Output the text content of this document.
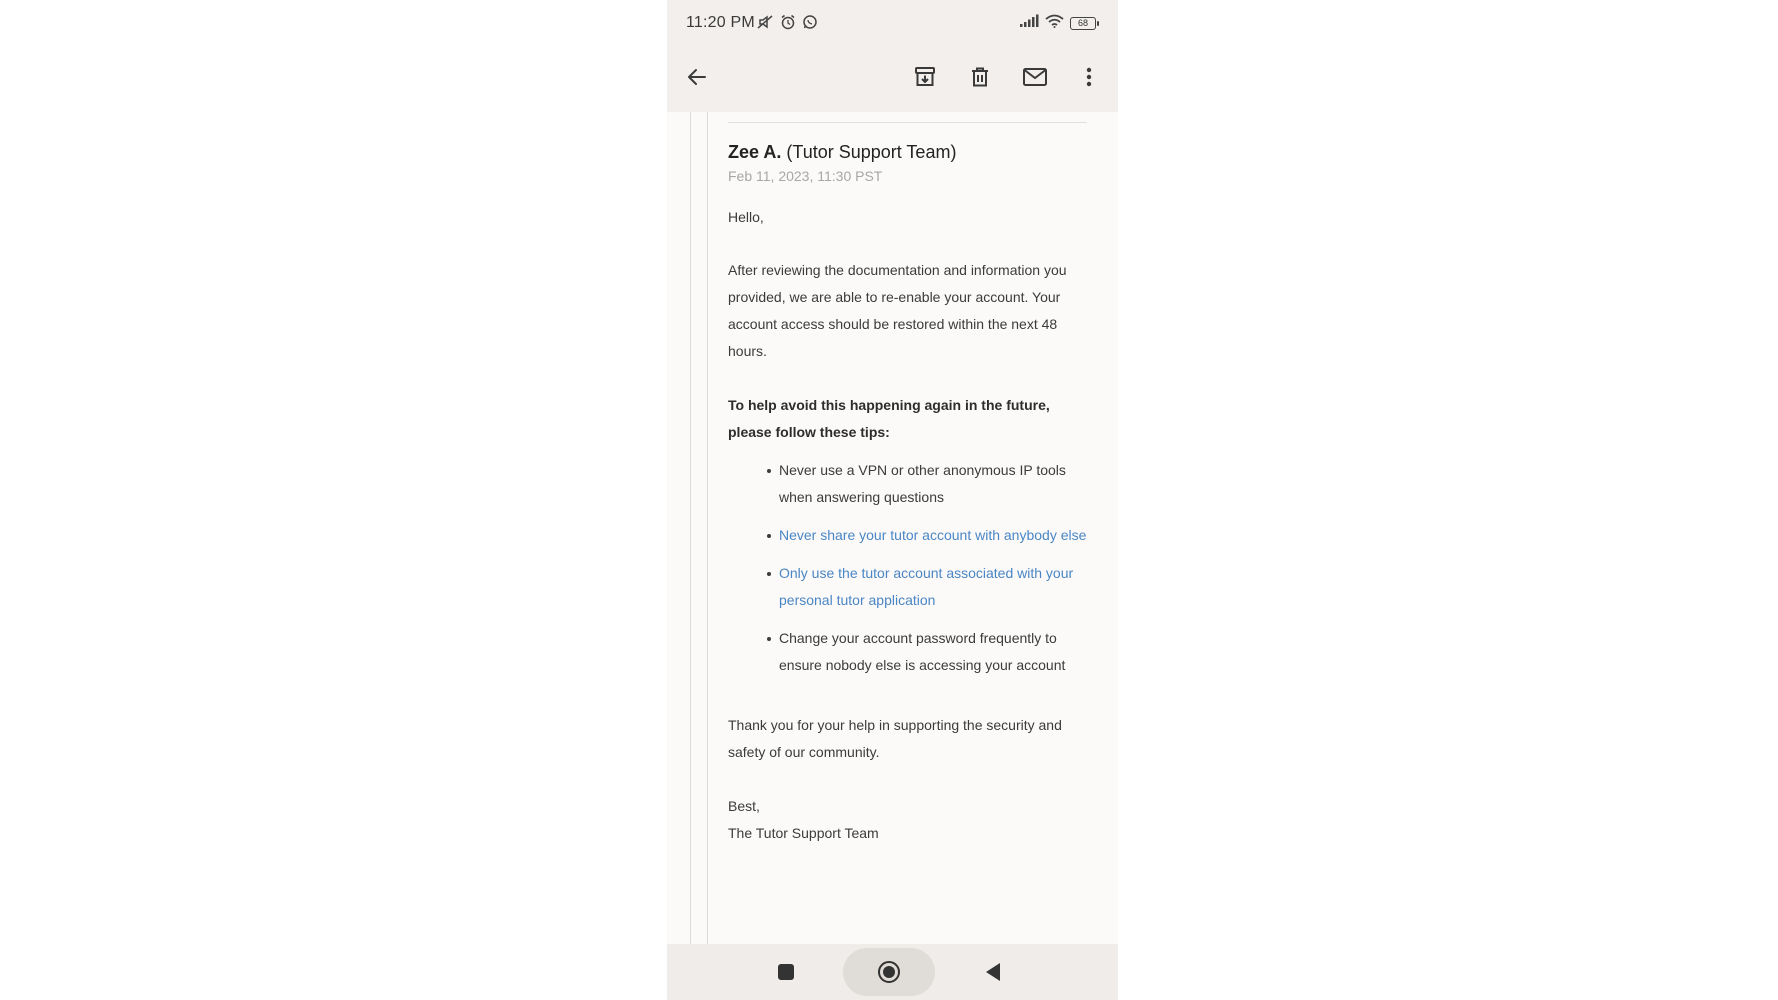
11:20 PM	68
Zee A. (Tutor Support Team)
Feb 11, 2023, 11:30 PST

Hello,

After reviewing the documentation and information you provided, we are able to re-enable your account. Your account access should be restored within the next 48 hours.

To help avoid this happening again in the future, please follow these tips:

Never use a VPN or other anonymous IP tools when answering questions
Never share your tutor account with anybody else
Only use the tutor account associated with your personal tutor application
Change your account password frequently to ensure nobody else is accessing your account

Thank you for your help in supporting the security and safety of our community.

Best,

The Tutor Support Team
